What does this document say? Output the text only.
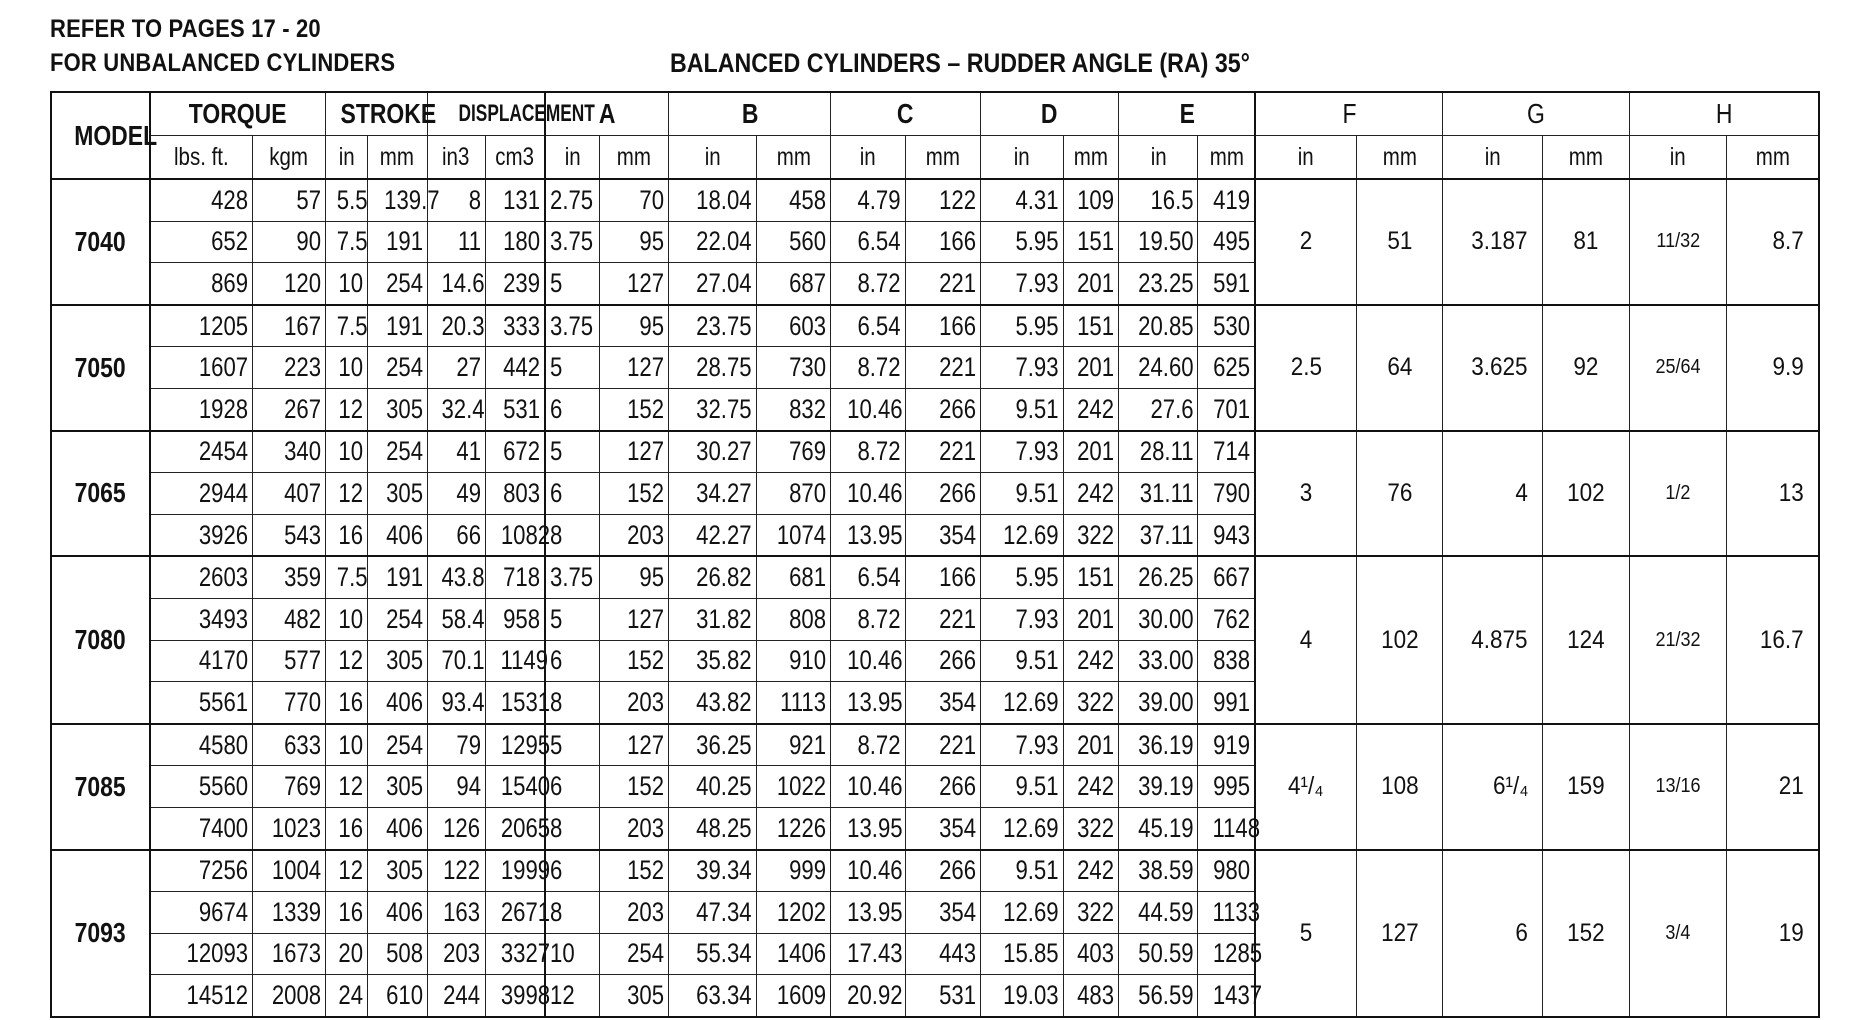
REFER TO PAGES 17 - 20
FOR UNBALANCED CYLINDERS	BALANCED CYLINDERS – RUDDER ANGLE (RA) 35°
MODEL	TORQUE		STROKE		DISPLACEMENT		A		B		C		D		E		F		G		H	
	lbs. ft.	kgm	in	mm	in3	cm3	in	mm	in	mm	in	mm	in	mm	in	mm	in	mm	in	mm	in	mm
7040	428	57	5.5	139.7	8	131	2.75	70	18.04	458	4.79	122	4.31	109	16.5	419	2	51	3.187	81	11/32	8.7
	652	90	7.5	191	11	180	3.75	95	22.04	560	6.54	166	5.95	151	19.50	495						
	869	120	10	254	14.6	239	5	127	27.04	687	8.72	221	7.93	201	23.25	591						
7050	1205	167	7.5	191	20.3	333	3.75	95	23.75	603	6.54	166	5.95	151	20.85	530	2.5	64	3.625	92	25/64	9.9
	1607	223	10	254	27	442	5	127	28.75	730	8.72	221	7.93	201	24.60	625						
	1928	267	12	305	32.4	531	6	152	32.75	832	10.46	266	9.51	242	27.6	701						
7065	2454	340	10	254	41	672	5	127	30.27	769	8.72	221	7.93	201	28.11	714	3	76	4	102	1/2	13
	2944	407	12	305	49	803	6	152	34.27	870	10.46	266	9.51	242	31.11	790						
	3926	543	16	406	66	1082	8	203	42.27	1074	13.95	354	12.69	322	37.11	943						
7080	2603	359	7.5	191	43.8	718	3.75	95	26.82	681	6.54	166	5.95	151	26.25	667	4	102	4.875	124	21/32	16.7
	3493	482	10	254	58.4	958	5	127	31.82	808	8.72	221	7.93	201	30.00	762						
	4170	577	12	305	70.1	1149	6	152	35.82	910	10.46	266	9.51	242	33.00	838						
	5561	770	16	406	93.4	1531	8	203	43.82	1113	13.95	354	12.69	322	39.00	991						
7085	4580	633	10	254	79	1295	5	127	36.25	921	8.72	221	7.93	201	36.19	919	4¹/₄	108	6¹/₄	159	13/16	21
	5560	769	12	305	94	1540	6	152	40.25	1022	10.46	266	9.51	242	39.19	995						
	7400	1023	16	406	126	2065	8	203	48.25	1226	13.95	354	12.69	322	45.19	1148						
7093	7256	1004	12	305	122	1999	6	152	39.34	999	10.46	266	9.51	242	38.59	980	5	127	6	152	3/4	19
	9674	1339	16	406	163	2671	8	203	47.34	1202	13.95	354	12.69	322	44.59	1133						
	12093	1673	20	508	203	3327	10	254	55.34	1406	17.43	443	15.85	403	50.59	1285						
	14512	2008	24	610	244	3998	12	305	63.34	1609	20.92	531	19.03	483	56.59	1437						
